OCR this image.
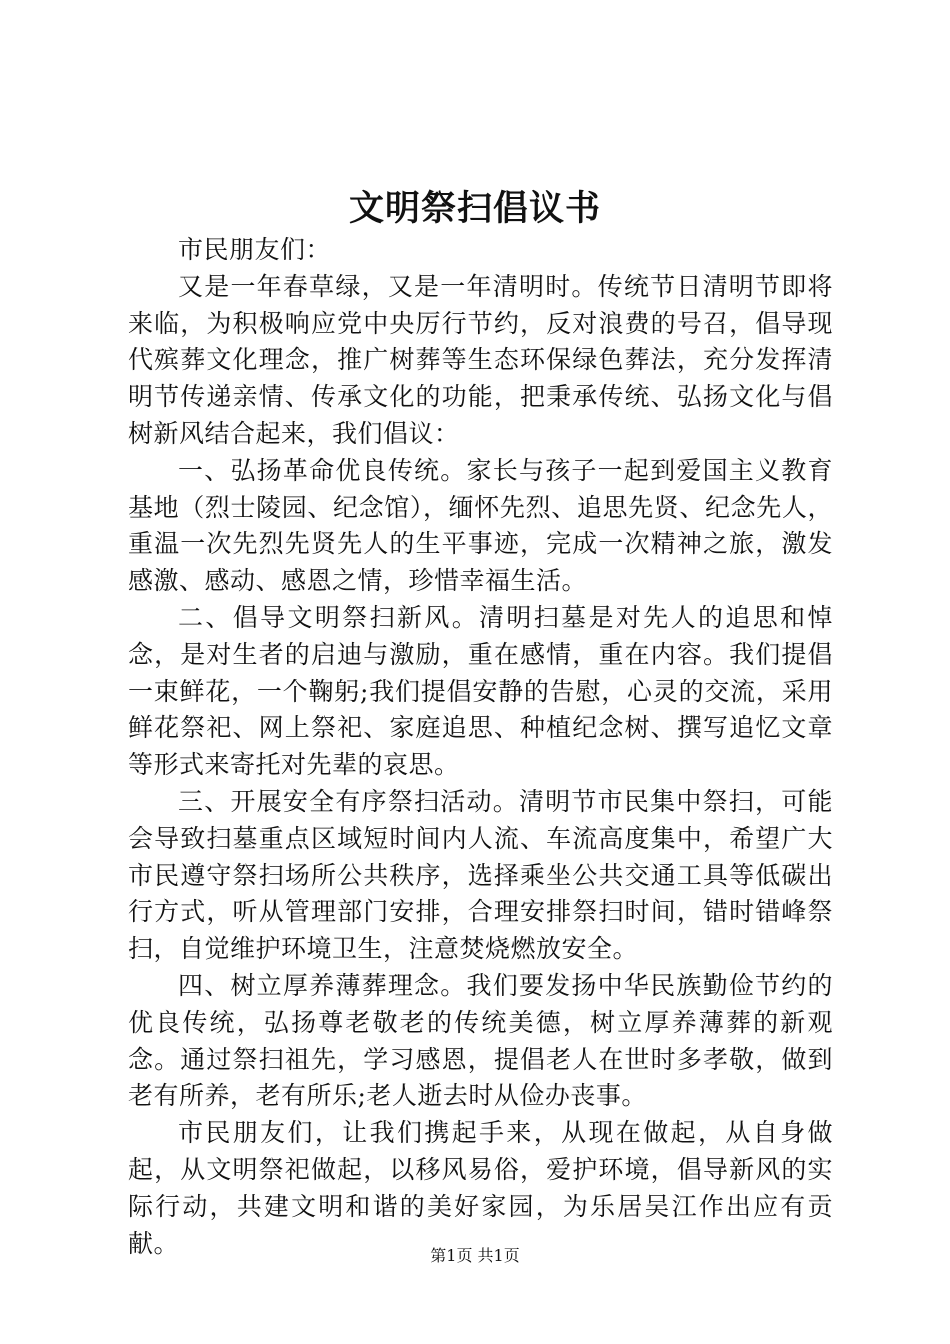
文明祭扫倡议书

市民朋友们：

又是一年春草绿，又是一年清明时。传统节日清明节即将来临，为积极响应党中央厉行节约，反对浪费的号召，倡导现代殡葬文化理念，推广树葬等生态环保绿色葬法，充分发挥清明节传递亲情、传承文化的功能，把秉承传统、弘扬文化与倡树新风结合起来，我们倡议：

一、弘扬革命优良传统。家长与孩子一起到爱国主义教育基地（烈士陵园、纪念馆），缅怀先烈、追思先贤、纪念先人，重温一次先烈先贤先人的生平事迹，完成一次精神之旅，激发感激、感动、感恩之情，珍惜幸福生活。

二、倡导文明祭扫新风。清明扫墓是对先人的追思和悼念，是对生者的启迪与激励，重在感情，重在内容。我们提倡一束鲜花，一个鞠躬;我们提倡安静的告慰，心灵的交流，采用鲜花祭祀、网上祭祀、家庭追思、种植纪念树、撰写追忆文章等形式来寄托对先辈的哀思。

三、开展安全有序祭扫活动。清明节市民集中祭扫，可能会导致扫墓重点区域短时间内人流、车流高度集中，希望广大市民遵守祭扫场所公共秩序，选择乘坐公共交通工具等低碳出行方式，听从管理部门安排，合理安排祭扫时间，错时错峰祭扫，自觉维护环境卫生，注意焚烧燃放安全。

四、树立厚养薄葬理念。我们要发扬中华民族勤俭节约的优良传统，弘扬尊老敬老的传统美德，树立厚养薄葬的新观念。通过祭扫祖先，学习感恩，提倡老人在世时多孝敬，做到老有所养，老有所乐;老人逝去时从俭办丧事。

市民朋友们，让我们携起手来，从现在做起，从自身做起，从文明祭祀做起，以移风易俗，爱护环境，倡导新风的实际行动，共建文明和谐的美好家园，为乐居吴江作出应有贡献。	第1页 共1页
